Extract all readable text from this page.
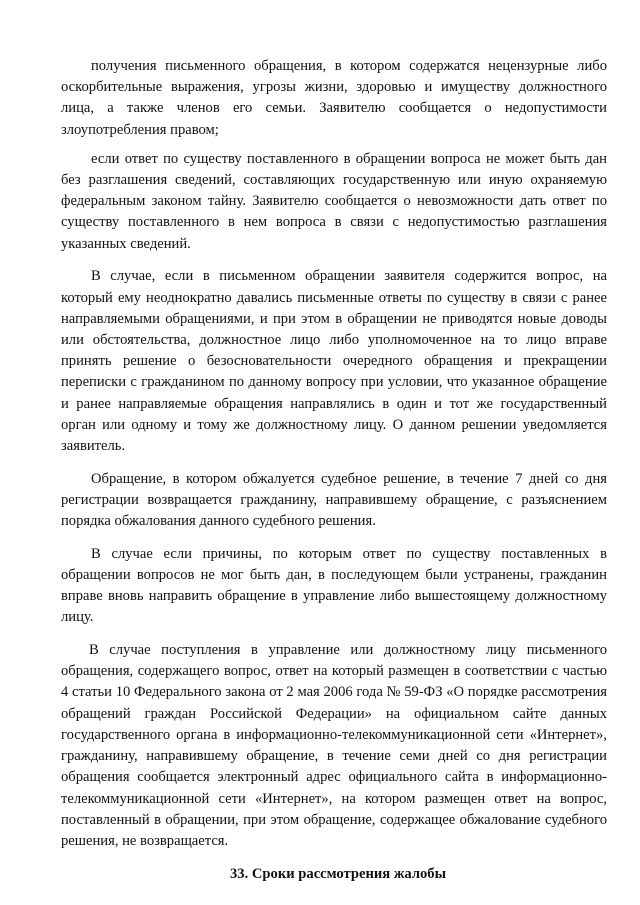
получения письменного обращения, в котором содержатся нецензурные либо оскорбительные выражения, угрозы жизни, здоровью и имуществу должностного лица, а также членов его семьи. Заявителю сообщается о недопустимости злоупотребления правом;

если ответ по существу поставленного в обращении вопроса не может быть дан без разглашения сведений, составляющих государственную или иную охраняемую федеральным законом тайну. Заявителю сообщается о невозможности дать ответ по существу поставленного в нем вопроса в связи с недопустимостью разглашения указанных сведений.

В случае, если в письменном обращении заявителя содержится вопрос, на который ему неоднократно давались письменные ответы по существу в связи с ранее направляемыми обращениями, и при этом в обращении не приводятся новые доводы или обстоятельства, должностное лицо либо уполномоченное на то лицо вправе принять решение о безосновательности очередного обращения и прекращении переписки с гражданином по данному вопросу при условии, что указанное обращение и ранее направляемые обращения направлялись в один и тот же государственный орган или одному и тому же должностному лицу. О данном решении уведомляется заявитель.

Обращение, в котором обжалуется судебное решение, в течение 7 дней со дня регистрации возвращается гражданину, направившему обращение, с разъяснением порядка обжалования данного судебного решения.

В случае если причины, по которым ответ по существу поставленных в обращении вопросов не мог быть дан, в последующем были устранены, гражданин вправе вновь направить обращение в управление либо вышестоящему должностному лицу.

В случае поступления в управление или должностному лицу письменного обращения, содержащего вопрос, ответ на который размещен в соответствии с частью 4 статьи 10 Федерального закона от 2 мая 2006 года № 59-ФЗ «О порядке рассмотрения обращений граждан Российской Федерации» на официальном сайте данных государственного органа в информационно-телекоммуникационной сети «Интернет», гражданину, направившему обращение, в течение семи дней со дня регистрации обращения сообщается электронный адрес официального сайта в информационно-телекоммуникационной сети «Интернет», на котором размещен ответ на вопрос, поставленный в обращении, при этом обращение, содержащее обжалование судебного решения, не возвращается.

33. Сроки рассмотрения жалобы
